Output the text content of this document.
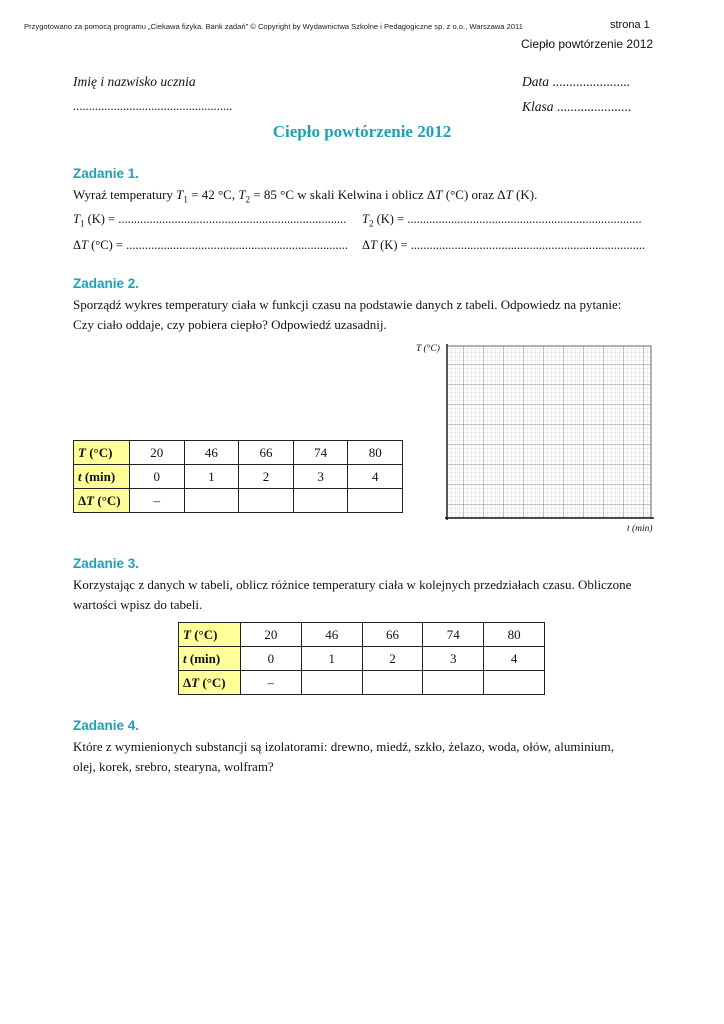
Przygotowano za pomocą programu „Ciekawa fizyka. Bank zadań” © Copyright by Wydawnictwa Szkolne i Pedagogiczne sp. z o.o., Warszawa 2011	strona 1
Ciepło powtórzenie 2012
Imię i nazwisko ucznia
...................................................
Data .......................
Klasa ......................
Ciepło powtórzenie 2012
Zadanie 1.
Wyraź temperatury $T_1 = 42$ °C, $T_2 = 85$ °C w skali Kelwina i oblicz ΔT (°C) oraz ΔT (K).
$T_1$ (K) = ......................................................................... $T_2$ (K) = ...........................................................................
ΔT (°C) = ....................................................................... ΔT (K) = ...........................................................................
Zadanie 2.
Sporządź wykres temperatury ciała w funkcji czasu na podstawie danych z tabeli. Odpowiedz na pytanie:
Czy ciało oddaje, czy pobiera ciepło? Odpowiedź uzasadnij.
T (°C)
t (min)
T (°C)	20	46	66	74	80
t (min)	0	1	2	3	4
ΔT (°C)	–				
Zadanie 3.
Korzystając z danych w tabeli, oblicz różnice temperatury ciała w kolejnych przedziałach czasu. Obliczone
wartości wpisz do tabeli.
T (°C)	20	46	66	74	80
t (min)	0	1	2	3	4
ΔT (°C)	–				
Zadanie 4.
Które z wymienionych substancji są izolatorami: drewno, miedź, szkło, żelazo, woda, ołów, aluminium,
olej, korek, srebro, stearyna, wolfram?
